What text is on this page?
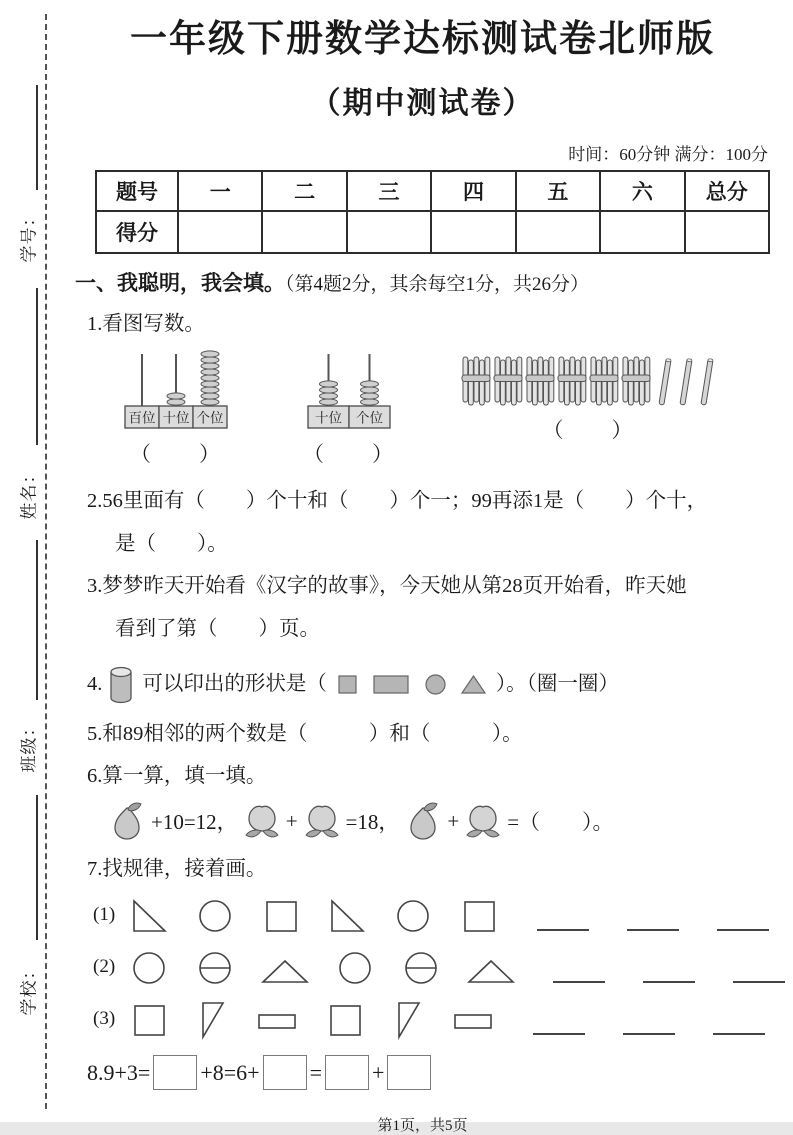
学号：
姓名：
班级：
学校：
一年级下册数学达标测试卷北师版
（期中测试卷）
时间：60分钟 满分：100分
题号	一	二	三	四	五	六	总分
得分							
一、我聪明，我会填。（第4题2分，其余每空1分，共26分）
1.看图写数。
百位 十位 个位
（　　）
十位 个位
（　　）
（　　）
2.56里面有（　　）个十和（　　）个一；99再添1是（　　）个十，
是（　　）。
3.梦梦昨天开始看《汉字的故事》，今天她从第28页开始看，昨天她
看到了第（　　）页。
4. 可以印出的形状是（	）。（圈一圈）
5.和89相邻的两个数是（　　　）和（　　　）。
6.算一算，填一填。
+10=12， + =18， + =（　　）。
7.找规律，接着画。
(1)
(2)
(3)
8.9+3= +8=6+ = +
第1页，共5页
